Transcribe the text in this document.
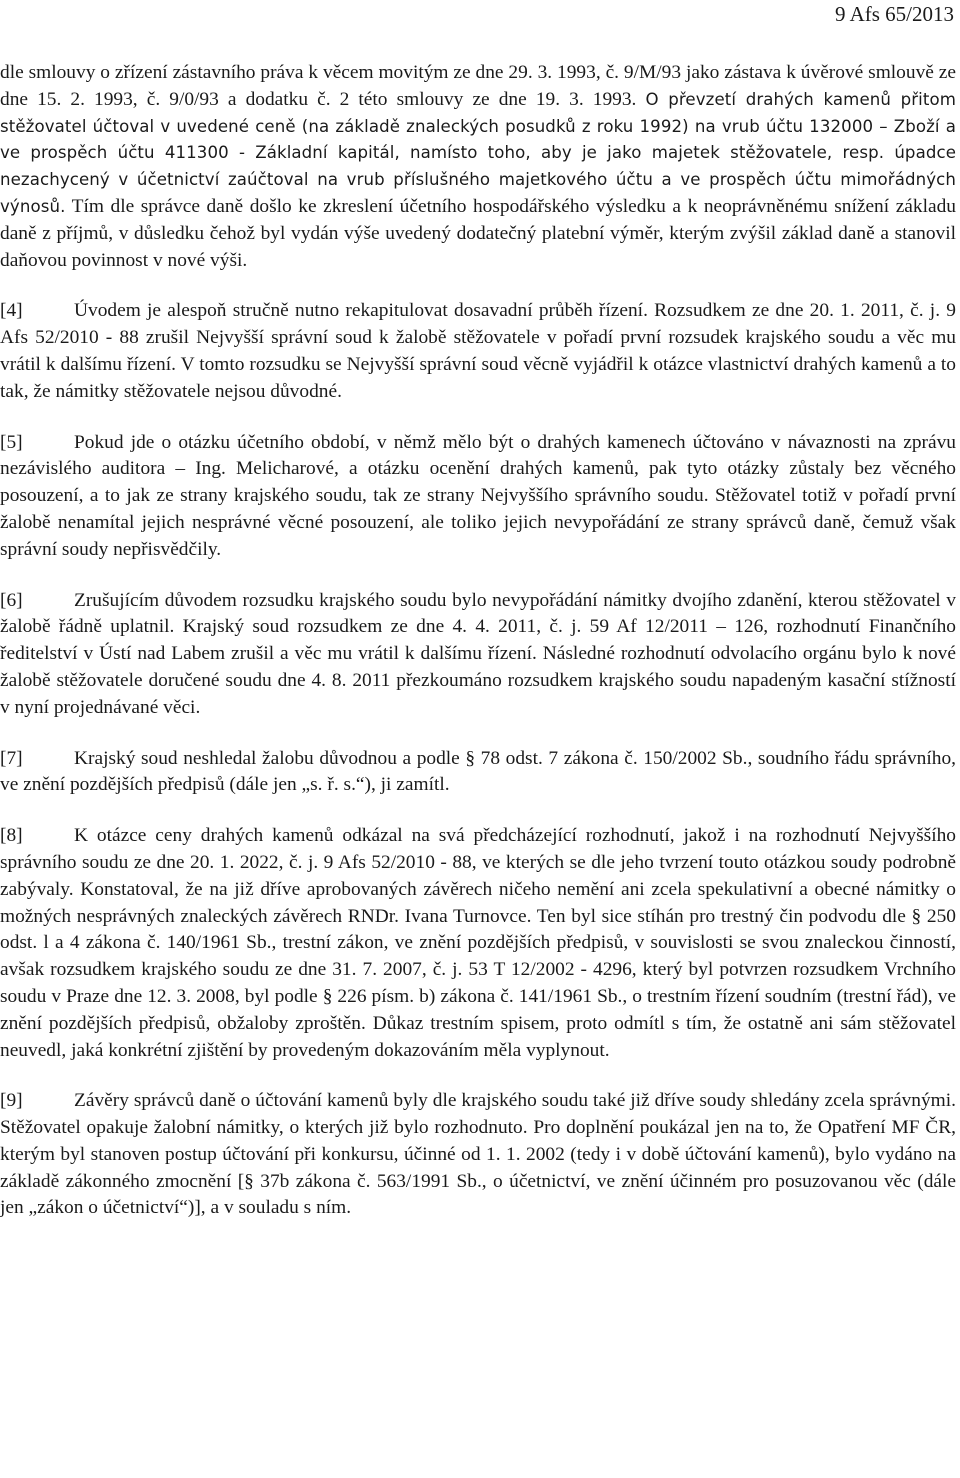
9 Afs 65/2013

dle smlouvy o zřízení zástavního práva k věcem movitým ze dne 29. 3. 1993, č. 9/M/93 jako zástava k úvěrové smlouvě ze dne 15. 2. 1993, č. 9/0/93 a dodatku č. 2 této smlouvy ze dne 19. 3. 1993. O převzetí drahých kamenů přitom stěžovatel účtoval v uvedené ceně (na základě znaleckých posudků z roku 1992) na vrub účtu 132000 – Zboží a ve prospěch účtu 411300 - Základní kapitál, namísto toho, aby je jako majetek stěžovatele, resp. úpadce nezachycený v účetnictví zaúčtoval na vrub příslušného majetkového účtu a ve prospěch účtu mimořádných výnosů. Tím dle správce daně došlo ke zkreslení účetního hospodářského výsledku a k neoprávněnému snížení základu daně z příjmů, v důsledku čehož byl vydán výše uvedený dodatečný platební výměr, kterým zvýšil základ daně a stanovil daňovou povinnost v nové výši.

[4]	Úvodem je alespoň stručně nutno rekapitulovat dosavadní průběh řízení. Rozsudkem ze dne 20. 1. 2011, č. j. 9 Afs 52/2010 - 88 zrušil Nejvyšší správní soud k žalobě stěžovatele v pořadí první rozsudek krajského soudu a věc mu vrátil k dalšímu řízení. V tomto rozsudku se Nejvyšší správní soud věcně vyjádřil k otázce vlastnictví drahých kamenů a to tak, že námitky stěžovatele nejsou důvodné.

[5]	Pokud jde o otázku účetního období, v němž mělo být o drahých kamenech účtováno v návaznosti na zprávu nezávislého auditora – Ing. Melicharové, a otázku ocenění drahých kamenů, pak tyto otázky zůstaly bez věcného posouzení, a to jak ze strany krajského soudu, tak ze strany Nejvyššího správního soudu. Stěžovatel totiž v pořadí první žalobě nenamítal jejich nesprávné věcné posouzení, ale toliko jejich nevypořádání ze strany správců daně, čemuž však správní soudy nepřisvědčily.

[6]	Zrušujícím důvodem rozsudku krajského soudu bylo nevypořádání námitky dvojího zdanění, kterou stěžovatel v žalobě řádně uplatnil. Krajský soud rozsudkem ze dne 4. 4. 2011, č. j. 59 Af 12/2011 – 126, rozhodnutí Finančního ředitelství v Ústí nad Labem zrušil a věc mu vrátil k dalšímu řízení. Následné rozhodnutí odvolacího orgánu bylo k nové žalobě stěžovatele doručené soudu dne 4. 8. 2011 přezkoumáno rozsudkem krajského soudu napadeným kasační stížností v nyní projednávané věci.

[7]	Krajský soud neshledal žalobu důvodnou a podle § 78 odst. 7 zákona č. 150/2002 Sb., soudního řádu správního, ve znění pozdějších předpisů (dále jen „s. ř. s.“), ji zamítl.

[8]	K otázce ceny drahých kamenů odkázal na svá předcházející rozhodnutí, jakož i na rozhodnutí Nejvyššího správního soudu ze dne 20. 1. 2022, č. j. 9 Afs 52/2010 - 88, ve kterých se dle jeho tvrzení touto otázkou soudy podrobně zabývaly. Konstatoval, že na již dříve aprobovaných závěrech ničeho nemění ani zcela spekulativní a obecné námitky o možných nesprávných znaleckých závěrech RNDr. Ivana Turnovce. Ten byl sice stíhán pro trestný čin podvodu dle § 250 odst. l a 4 zákona č. 140/1961 Sb., trestní zákon, ve znění pozdějších předpisů, v souvislosti se svou znaleckou činností, avšak rozsudkem krajského soudu ze dne 31. 7. 2007, č. j. 53 T 12/2002 - 4296, který byl potvrzen rozsudkem Vrchního soudu v Praze dne 12. 3. 2008, byl podle § 226 písm. b) zákona č. 141/1961 Sb., o trestním řízení soudním (trestní řád), ve znění pozdějších předpisů, obžaloby zproštěn. Důkaz trestním spisem, proto odmítl s tím, že ostatně ani sám stěžovatel neuvedl, jaká konkrétní zjištění by provedeným dokazováním měla vyplynout.

[9]	Závěry správců daně o účtování kamenů byly dle krajského soudu také již dříve soudy shledány zcela správnými. Stěžovatel opakuje žalobní námitky, o kterých již bylo rozhodnuto. Pro doplnění poukázal jen na to, že Opatření MF ČR, kterým byl stanoven postup účtování při konkursu, účinné od 1. 1. 2002 (tedy i v době účtování kamenů), bylo vydáno na základě zákonného zmocnění [§ 37b zákona č. 563/1991 Sb., o účetnictví, ve znění účinném pro posuzovanou věc (dále jen „zákon o účetnictví“)], a v souladu s ním.
